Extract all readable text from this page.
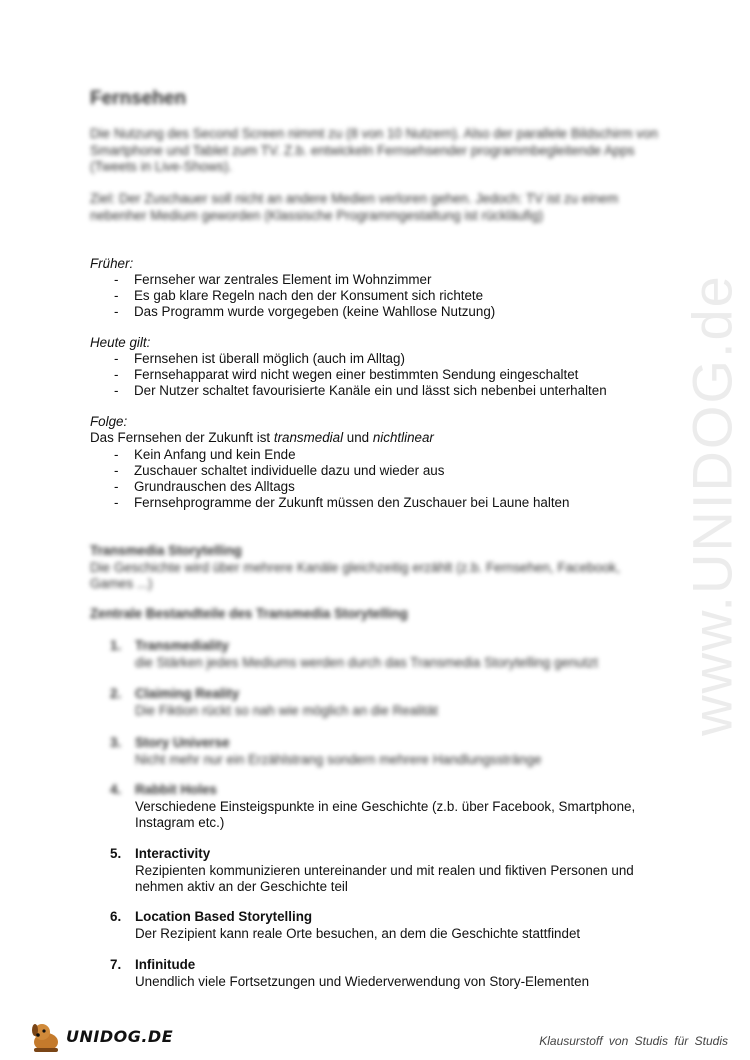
www.UNIDOG.de
Fernsehen

Die Nutzung des Second Screen nimmt zu (8 von 10 Nutzern). Also der parallele Bildschirm von Smartphone und Tablet zum TV. Z.b. entwickeln Fernsehsender programmbegleitende Apps (Tweets in Live-Shows).

Ziel: Der Zuschauer soll nicht an andere Medien verloren gehen. Jedoch: TV ist zu einem nebenher Medium geworden (Klassische Programmgestaltung ist rückläufig)

Früher:
- Fernseher war zentrales Element im Wohnzimmer
- Es gab klare Regeln nach den der Konsument sich richtete
- Das Programm wurde vorgegeben (keine Wahllose Nutzung)
Heute gilt:
- Fernsehen ist überall möglich (auch im Alltag)
- Fernsehapparat wird nicht wegen einer bestimmten Sendung eingeschaltet
- Der Nutzer schaltet favourisierte Kanäle ein und lässt sich nebenbei unterhalten
Folge:

Das Fernsehen der Zukunft ist transmedial und nichtlinear

- Kein Anfang und kein Ende
- Zuschauer schaltet individuelle dazu und wieder aus
- Grundrauschen des Alltags
- Fernsehprogramme der Zukunft müssen den Zuschauer bei Laune halten

Transmedia Storytelling

Die Geschichte wird über mehrere Kanäle gleichzeitig erzählt (z.b. Fernsehen, Facebook, Games ...)

Zentrale Bestandteile des Transmedia Storytelling

1.	Transmediality
die Stärken jedes Mediums werden durch das Transmedia Storytelling genutzt
2.	Claiming Reality
Die Fiktion rückt so nah wie möglich an die Realität
3.	Story Universe
Nicht mehr nur ein Erzählstrang sondern mehrere Handlungsstränge
4.	Rabbit Holes
Verschiedene Einsteigspunkte in eine Geschichte (z.b. über Facebook, Smartphone, Instagram etc.)
5.	Interactivity
Rezipienten kommunizieren untereinander und mit realen und fiktiven Personen und nehmen aktiv an der Geschichte teil
6.	Location Based Storytelling
Der Rezipient kann reale Orte besuchen, an dem die Geschichte stattfindet
7.	Infinitude
Unendlich viele Fortsetzungen und Wiederverwendung von Story-Elementen
UNIDOG.DE	Klausurstoff von Studis für Studis
